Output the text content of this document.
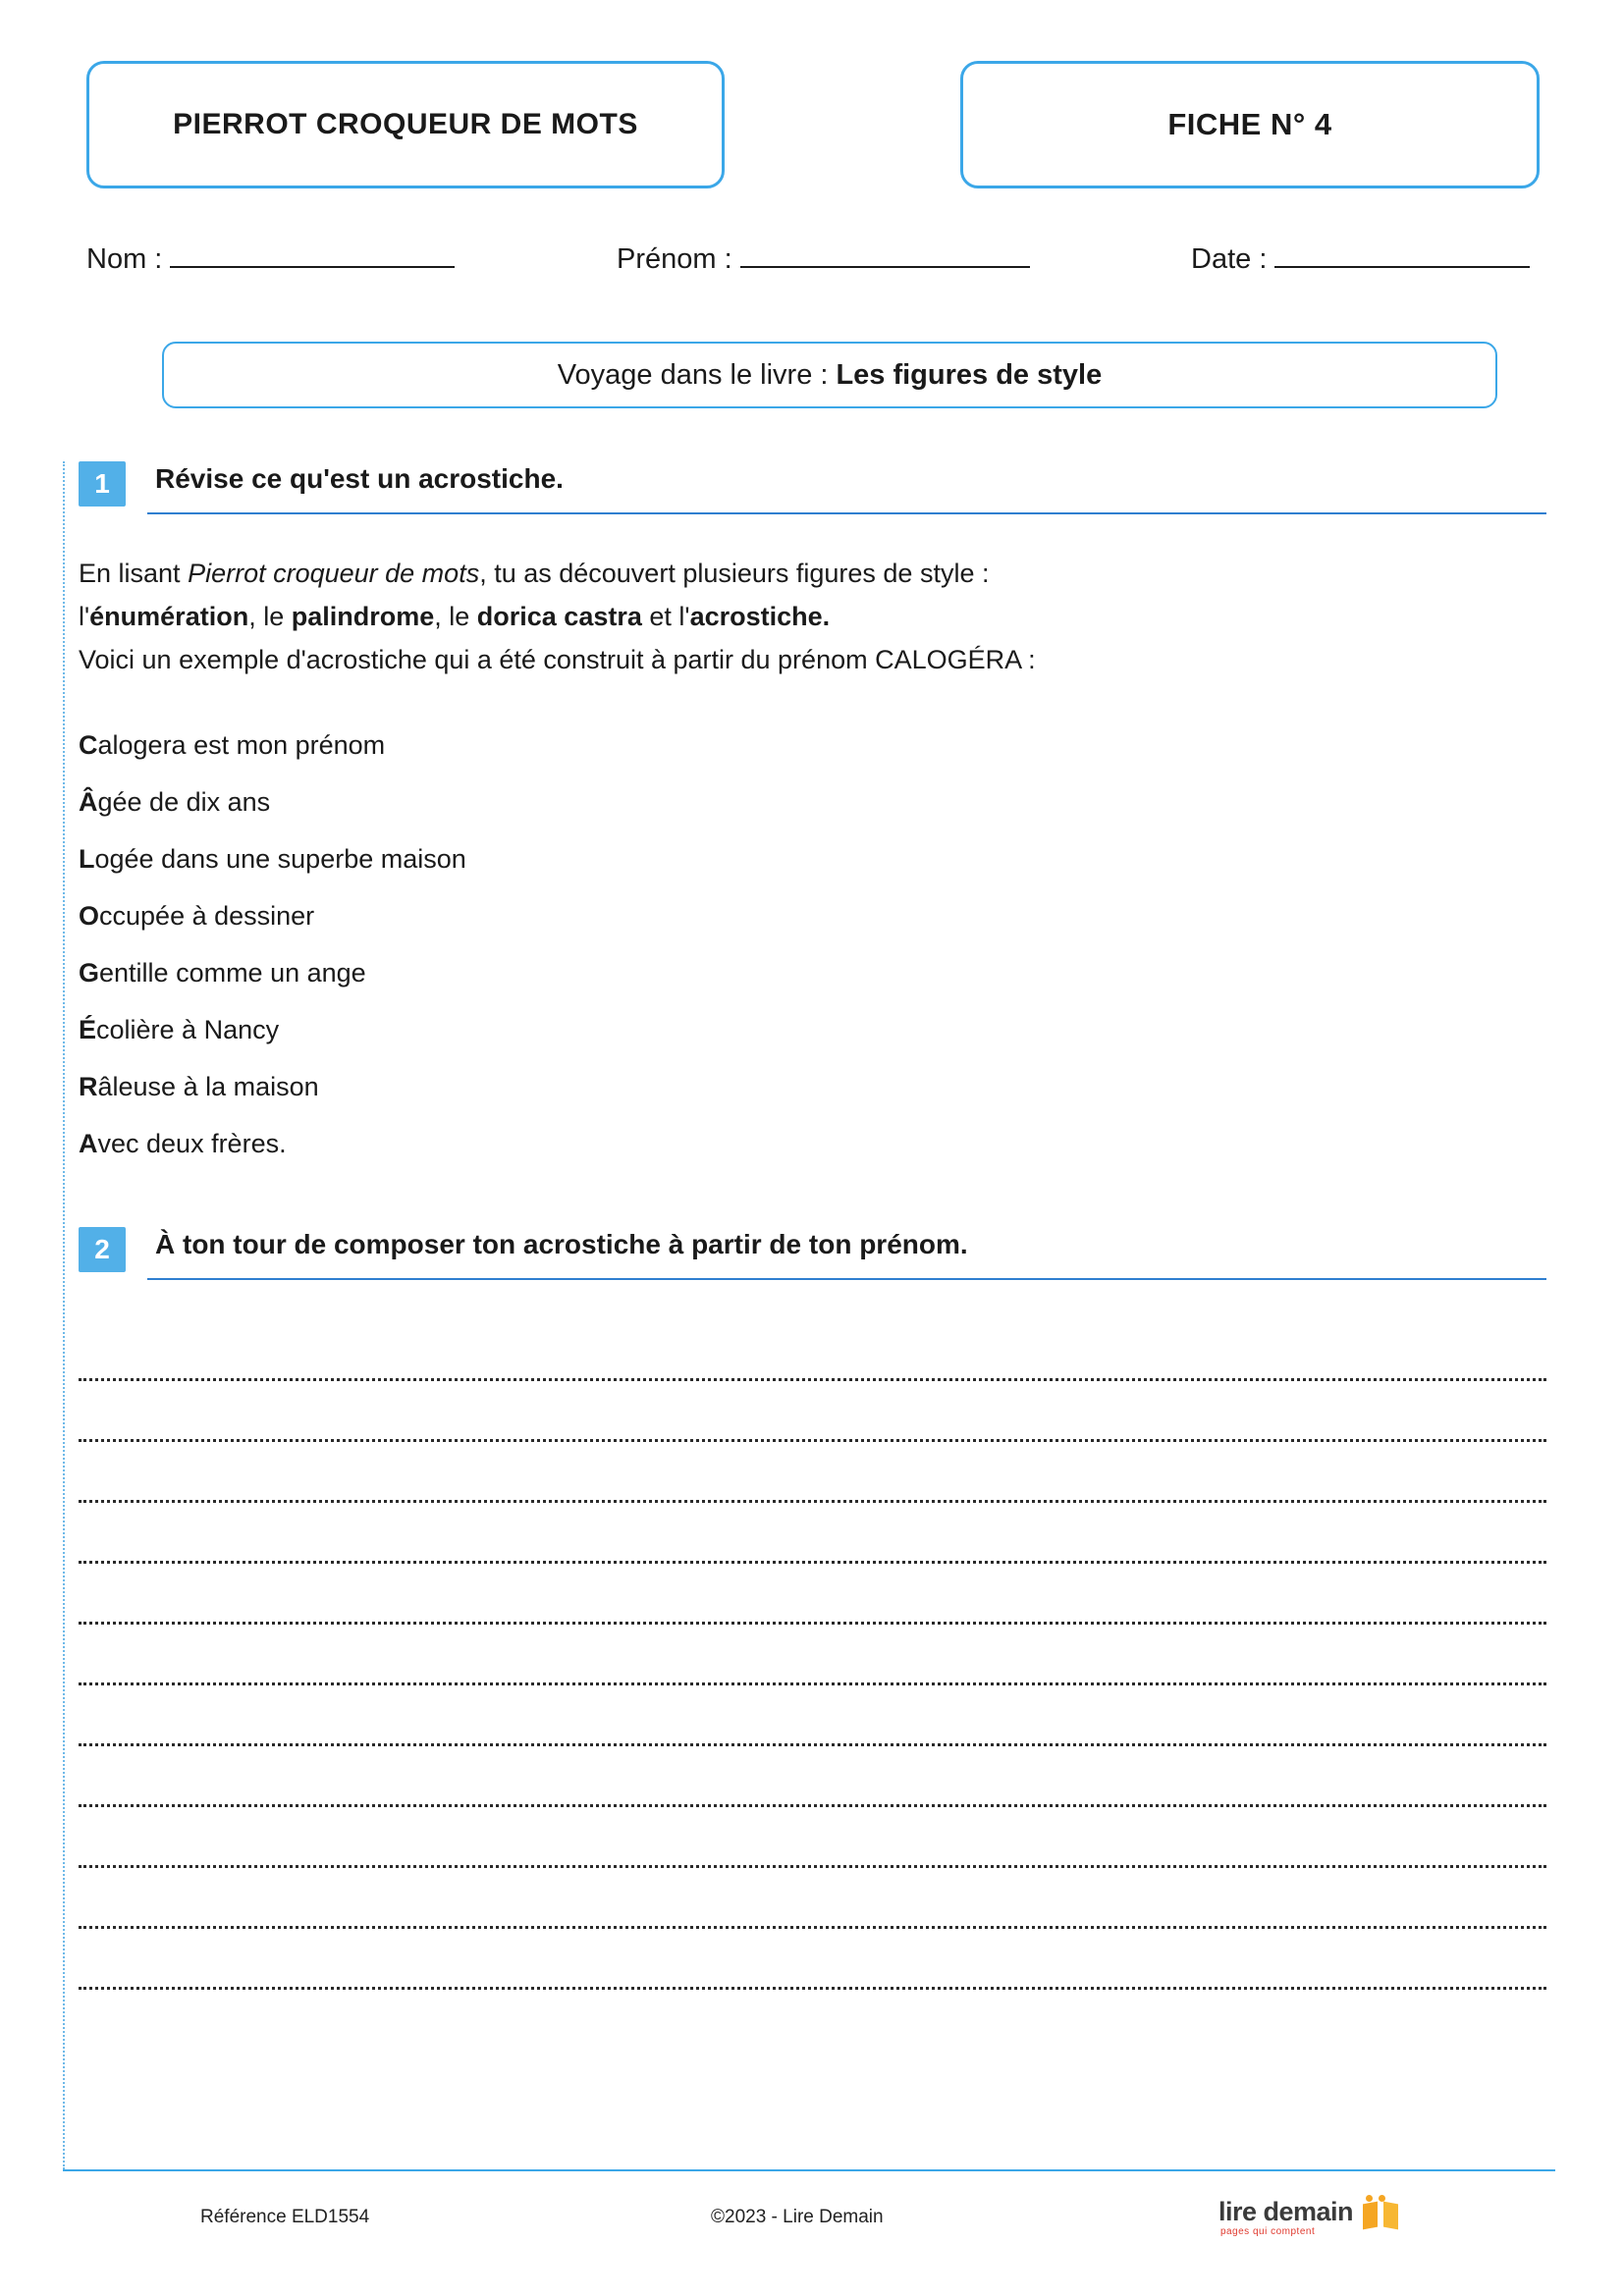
PIERROT CROQUEUR DE MOTS	FICHE N° 4
Nom :	Prénom :	Date :
Voyage dans le livre : Les figures de style
1	Révise ce qu'est un acrostiche.
En lisant Pierrot croqueur de mots, tu as découvert plusieurs figures de style :
l'énumération, le palindrome, le dorica castra et l'acrostiche.
Voici un exemple d'acrostiche qui a été construit à partir du prénom CALOGÉRA :
Calogera est mon prénom
Âgée de dix ans
Logée dans une superbe maison
Occupée à dessiner
Gentille comme un ange
Écolière à Nancy
Râleuse à la maison
Avec deux frères.
2	À ton tour de composer ton acrostiche à partir de ton prénom.
Référence ELD1554	©2023 - Lire Demain	lire demain
pages qui comptent
